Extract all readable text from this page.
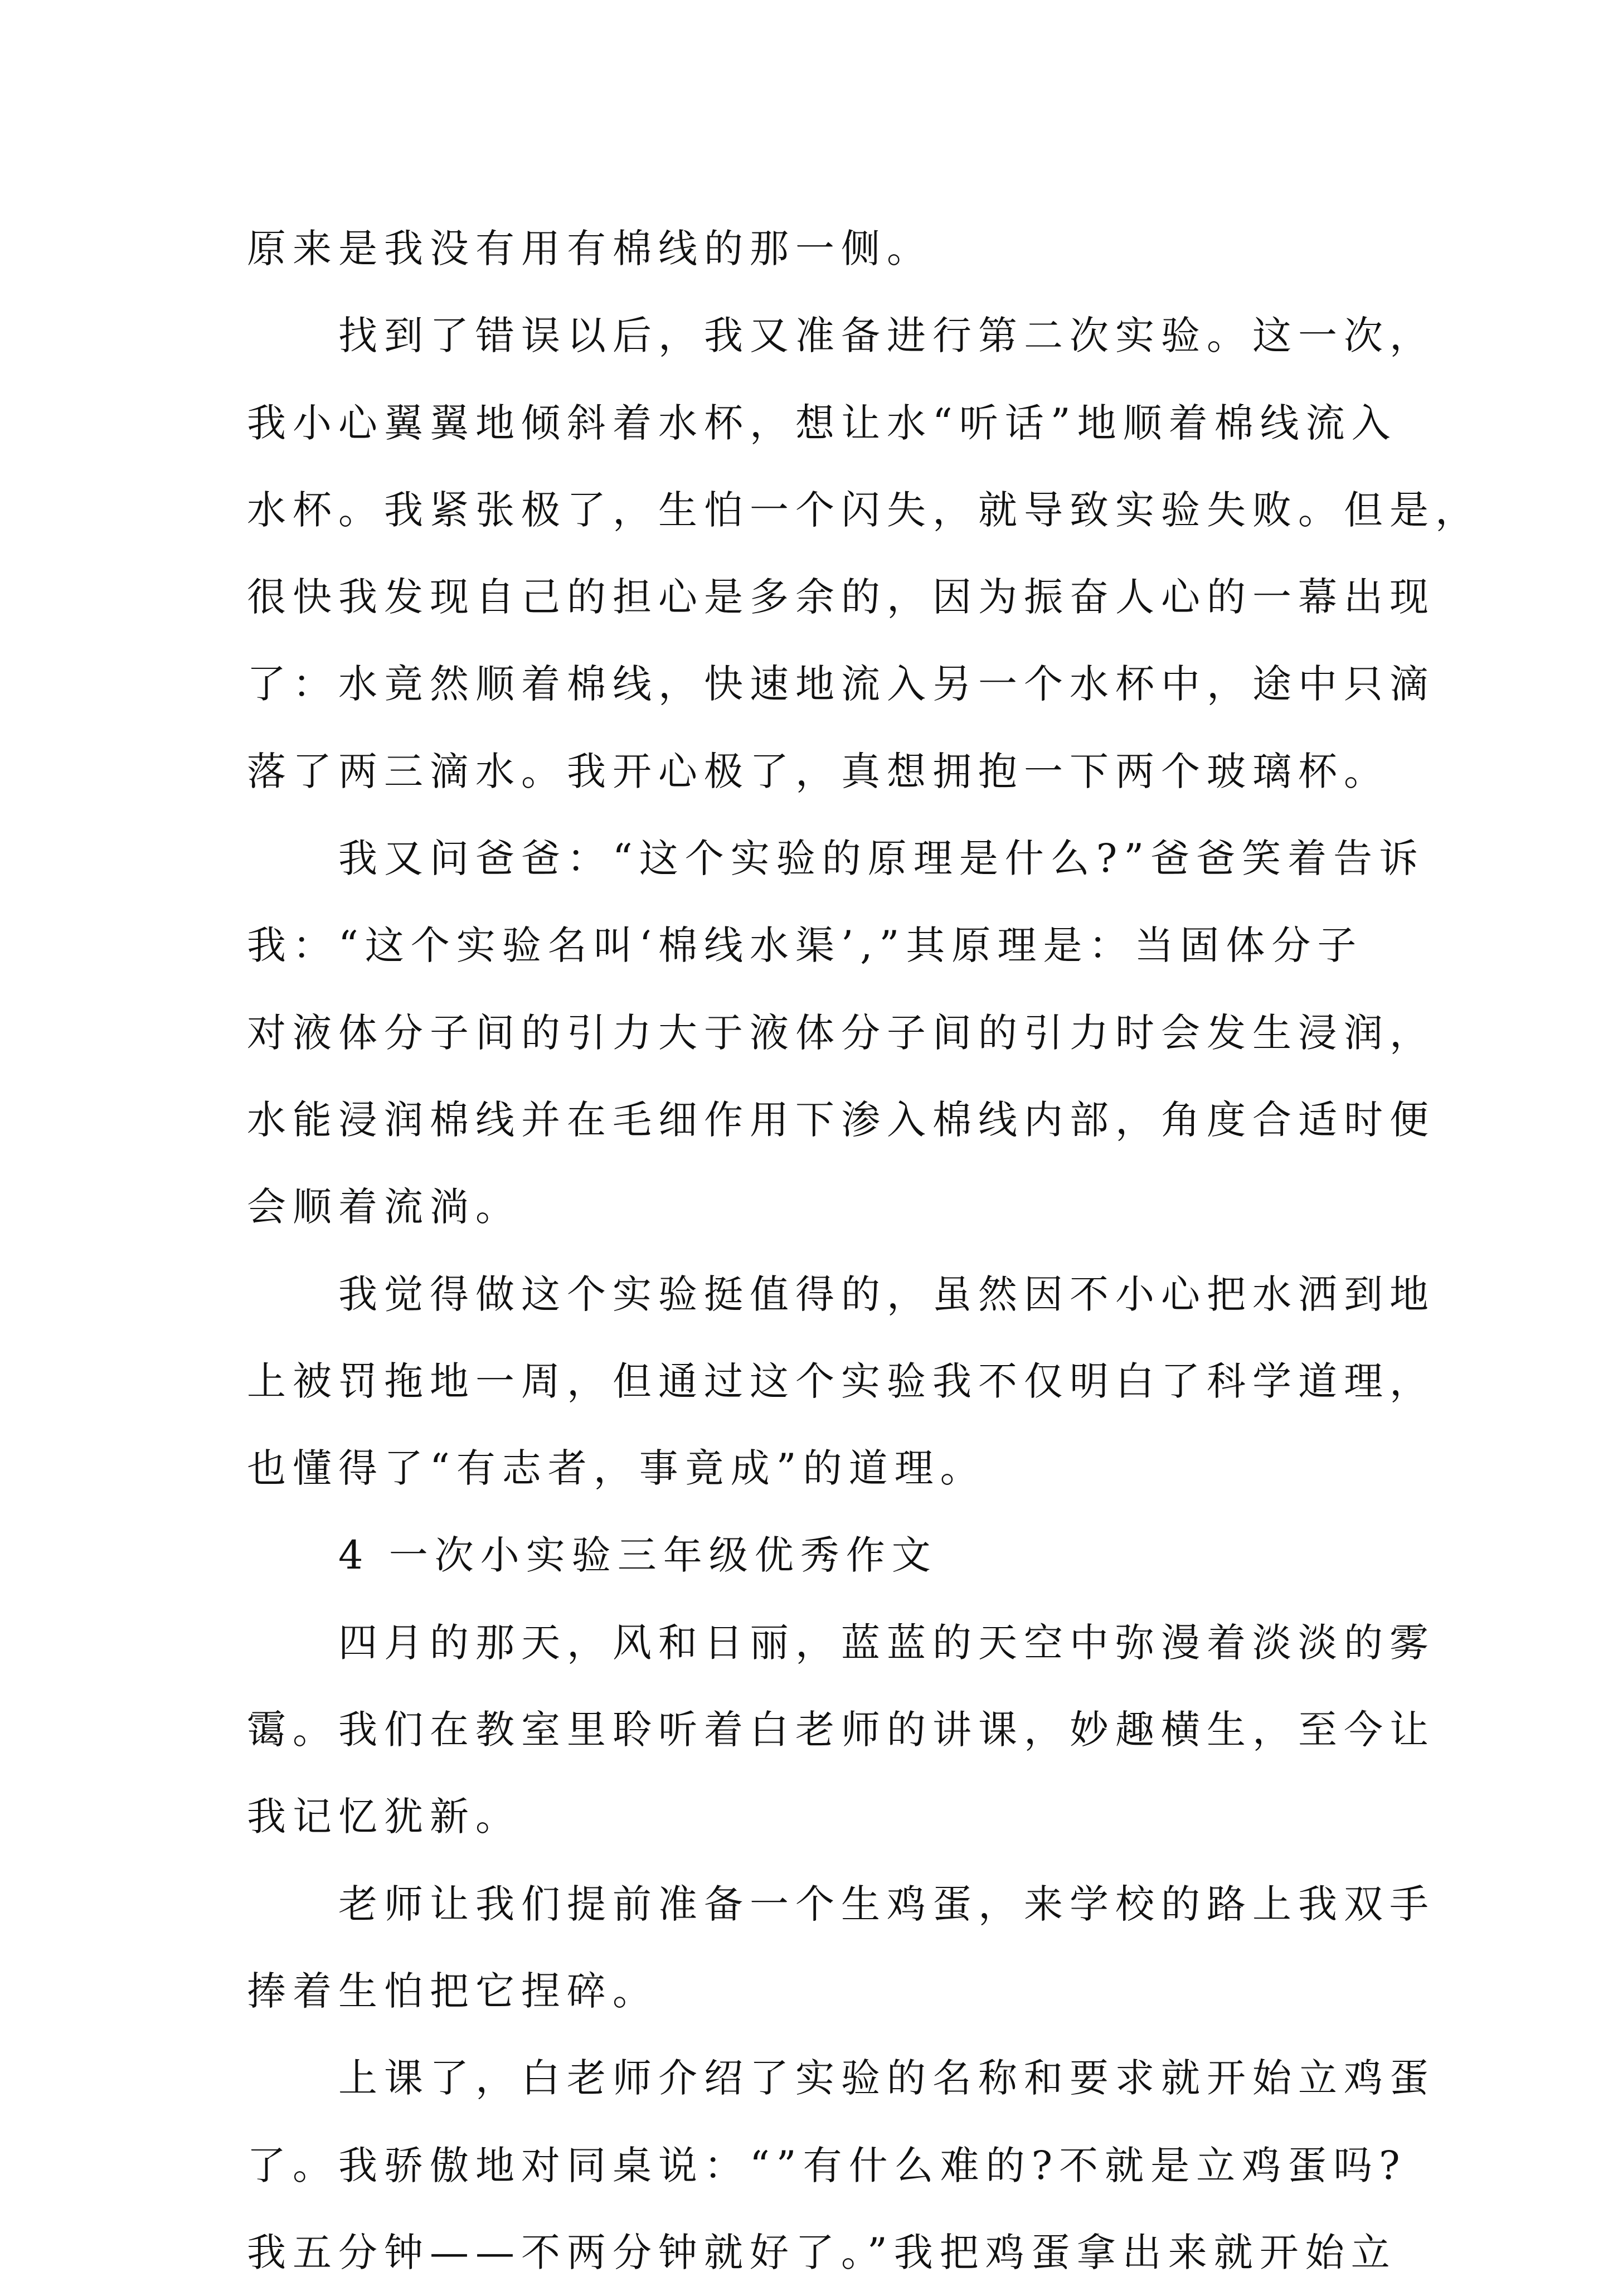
原来是我没有用有棉线的那一侧。
找到了错误以后，我又准备进行第二次实验。这一次，
我小心翼翼地倾斜着水杯，想让水“听话”地顺着棉线流入
水杯。我紧张极了，生怕一个闪失，就导致实验失败。但是，
很快我发现自己的担心是多余的，因为振奋人心的一幕出现
了：水竟然顺着棉线，快速地流入另一个水杯中，途中只滴
落了两三滴水。我开心极了，真想拥抱一下两个玻璃杯。
我又问爸爸：“这个实验的原理是什么?”爸爸笑着告诉
我：“这个实验名叫‘棉线水渠’,”其原理是：当固体分子
对液体分子间的引力大于液体分子间的引力时会发生浸润，
水能浸润棉线并在毛细作用下渗入棉线内部，角度合适时便
会顺着流淌。
我觉得做这个实验挺值得的，虽然因不小心把水洒到地
上被罚拖地一周，但通过这个实验我不仅明白了科学道理，
也懂得了“有志者，事竟成”的道理。
4 一次小实验三年级优秀作文
四月的那天，风和日丽，蓝蓝的天空中弥漫着淡淡的雾
霭。我们在教室里聆听着白老师的讲课，妙趣横生，至今让
我记忆犹新。
老师让我们提前准备一个生鸡蛋，来学校的路上我双手
捧着生怕把它捏碎。
上课了，白老师介绍了实验的名称和要求就开始立鸡蛋
了。我骄傲地对同桌说：“”有什么难的?不就是立鸡蛋吗?
我五分钟——不两分钟就好了。”我把鸡蛋拿出来就开始立
